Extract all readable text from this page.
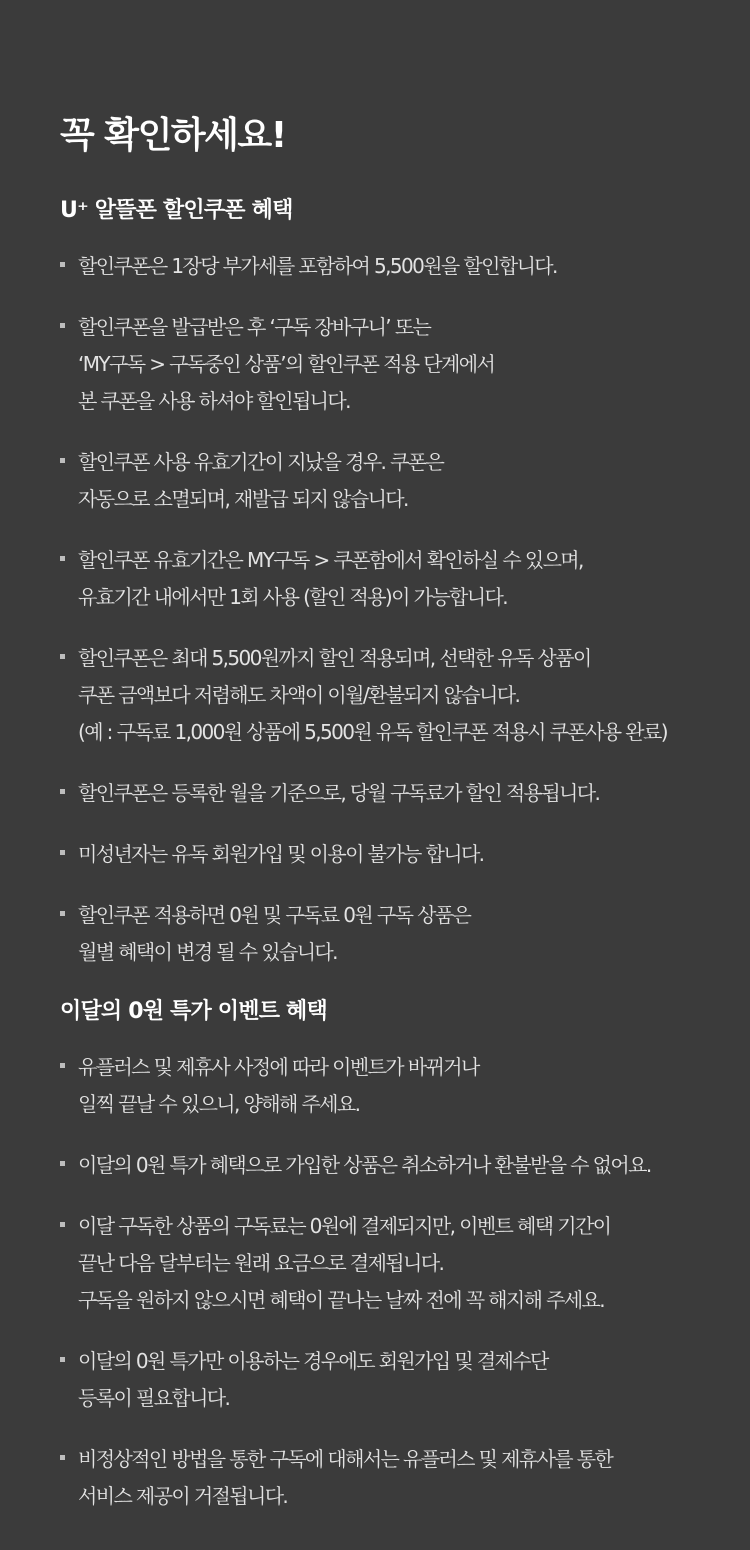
꼭 확인하세요!
U⁺ 알뜰폰 할인쿠폰 혜택
할인쿠폰은 1장당 부가세를 포함하여 5,500원을 할인합니다.
할인쿠폰을 발급받은 후 ‘구독 장바구니’ 또는
‘MY구독 > 구독중인 상품’의 할인쿠폰 적용 단계에서
본 쿠폰을 사용 하셔야 할인됩니다.
할인쿠폰 사용 유효기간이 지났을 경우. 쿠폰은
자동으로 소멸되며, 재발급 되지 않습니다.
할인쿠폰 유효기간은 MY구독 > 쿠폰함에서 확인하실 수 있으며,
유효기간 내에서만 1회 사용 (할인 적용)이 가능합니다.
할인쿠폰은 최대 5,500원까지 할인 적용되며, 선택한 유독 상품이
쿠폰 금액보다 저렴해도 차액이 이월/환불되지 않습니다.
(예 : 구독료 1,000원 상품에 5,500원 유독 할인쿠폰 적용시 쿠폰사용 완료)
할인쿠폰은 등록한 월을 기준으로, 당월 구독료가 할인 적용됩니다.
미성년자는 유독 회원가입 및 이용이 불가능 합니다.
할인쿠폰 적용하면 0원 및 구독료 0원 구독 상품은
월별 혜택이 변경 될 수 있습니다.
이달의 0원 특가 이벤트 혜택
유플러스 및 제휴사 사정에 따라 이벤트가 바뀌거나
일찍 끝날 수 있으니, 양해해 주세요.
이달의 0원 특가 혜택으로 가입한 상품은 취소하거나 환불받을 수 없어요.
이달 구독한 상품의 구독료는 0원에 결제되지만, 이벤트 혜택 기간이
끝난 다음 달부터는 원래 요금으로 결제됩니다.
구독을 원하지 않으시면 혜택이 끝나는 날짜 전에 꼭 해지해 주세요.
이달의 0원 특가만 이용하는 경우에도 회원가입 및 결제수단
등록이 필요합니다.
비정상적인 방법을 통한 구독에 대해서는 유플러스 및 제휴사를 통한
서비스 제공이 거절됩니다.
